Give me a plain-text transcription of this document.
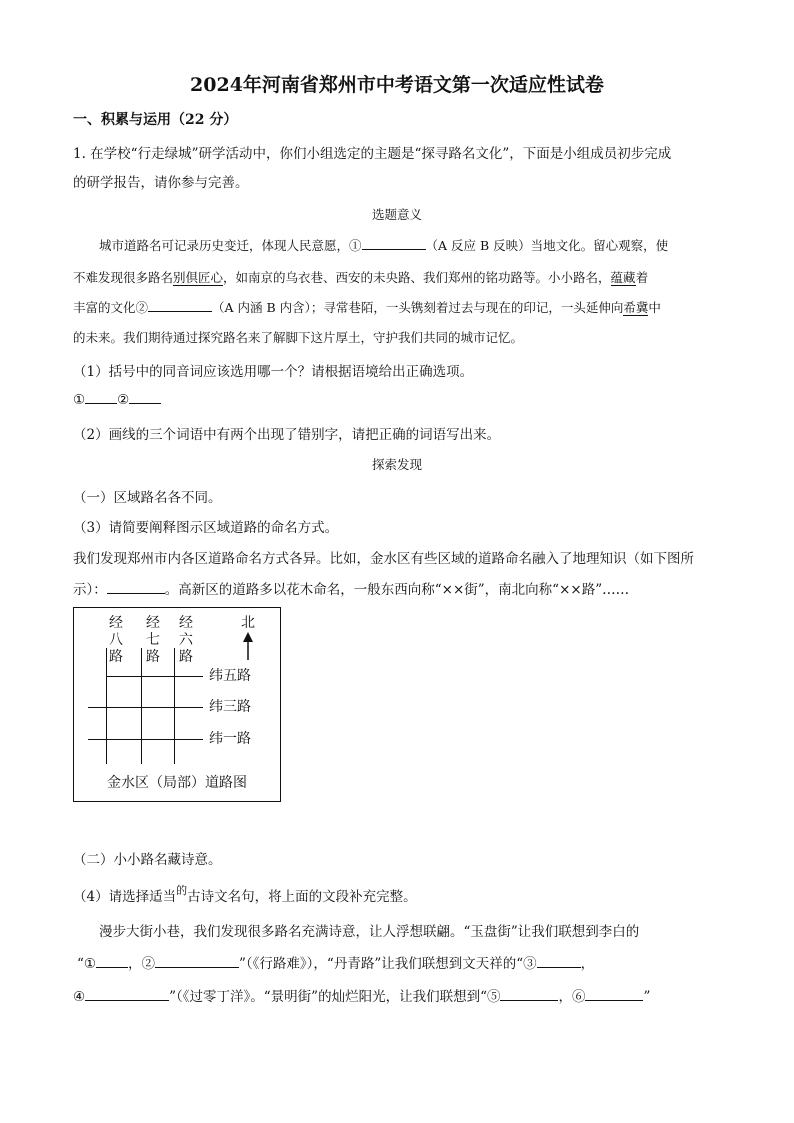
2024年河南省郑州市中考语文第一次适应性试卷
一、积累与运用（22 分）
1. 在学校“行走绿城”研学活动中，你们小组选定的主题是“探寻路名文化”，下面是小组成员初步完成
的研学报告，请你参与完善。
选题意义
城市道路名可记录历史变迁，体现人民意愿，①	（A 反应 B 反映）当地文化。留心观察，使
不难发现很多路名别倶匠心，如南京的乌衣巷、西安的未央路、我们郑州的铭功路等。小小路名，蕴藏着
丰富的文化②	（A 内涵 B 内含）；寻常巷陌，一头镌刻着过去与现在的印记，一头延伸向希冀中
的未来。我们期待通过探究路名来了解脚下这片厚土，守护我们共同的城市记忆。
（1）括号中的同音词应该选用哪一个？请根据语境给出正确选项。
① ②
（2）画线的三个词语中有两个出现了错别字，请把正确的词语写出来。
探索发现
（一）区域路名各不同。
（3）请简要阐释图示区域道路的命名方式。
我们发现郑州市内各区道路命名方式各异。比如，金水区有些区域的道路命名融入了地理知识（如下图所
示）：	。高新区的道路多以花木命名，一般东西向称“××街”，南北向称“××路”……
经
八
路
经
七
路
经
六
路
北
纬五路
纬三路
纬一路
金水区（局部）道路图
（二）小小路名藏诗意。
（4）请选择适当$^的$古诗文名句，将上面的文段补充完整。
漫步大街小巷，我们发现很多路名充满诗意，让人浮想联翩。“玉盘街”让我们联想到李白的
“① ，②	”（《行路难》），“丹青路”让我们联想到文天祥的“③	，
④	”（《过零丁洋》。“景明街”的灿烂阳光，让我们联想到“⑤	，⑥	”
